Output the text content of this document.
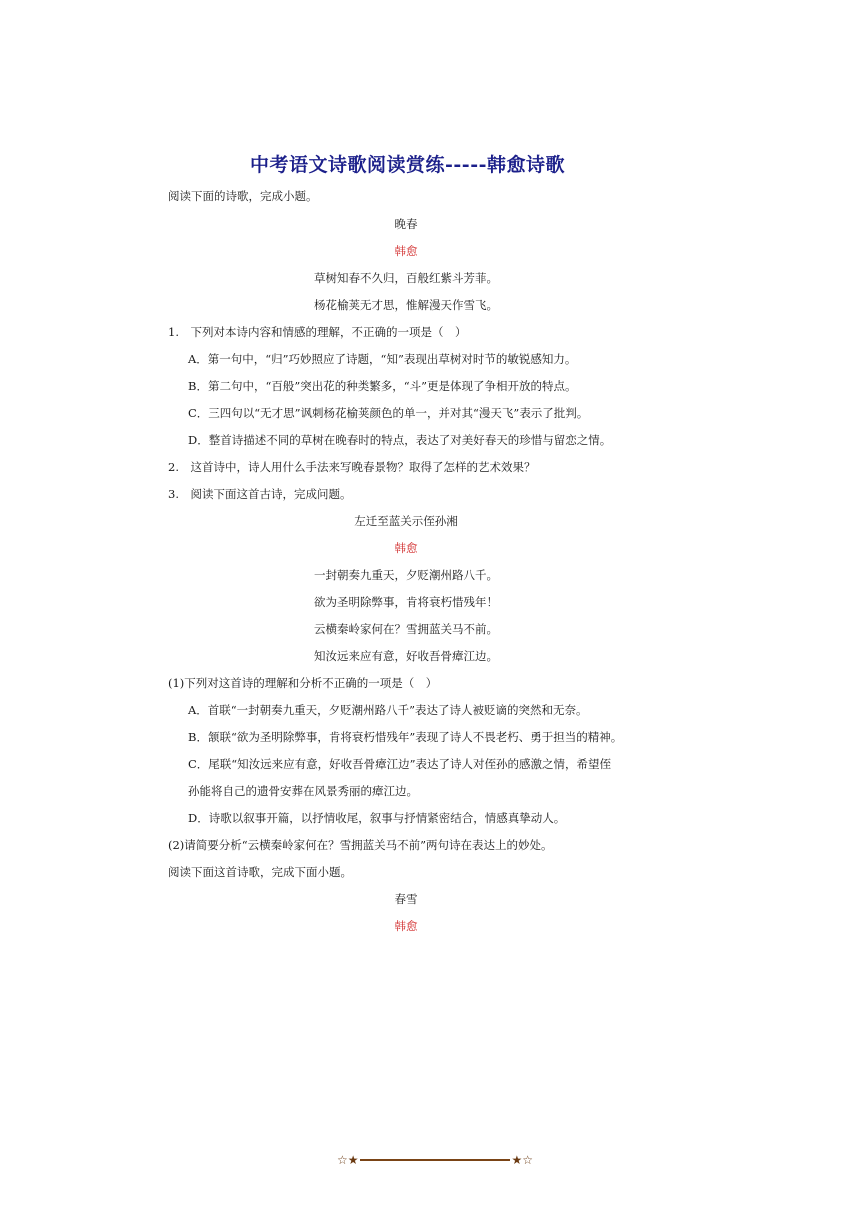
中考语文诗歌阅读赏练-----韩愈诗歌
阅读下面的诗歌，完成小题。
晚春
韩愈
草树知春不久归，百般红紫斗芳菲。
杨花榆荚无才思，惟解漫天作雪飞。
1.　下列对本诗内容和情感的理解，不正确的一项是（　）
A．第一句中，“归”巧妙照应了诗题，“知”表现出草树对时节的敏锐感知力。
B．第二句中，“百般”突出花的种类繁多，“斗”更是体现了争相开放的特点。
C．三四句以“无才思”讽刺杨花榆荚颜色的单一，并对其“漫天飞”表示了批判。
D．整首诗描述不同的草树在晚春时的特点，表达了对美好春天的珍惜与留恋之情。
2.　这首诗中，诗人用什么手法来写晚春景物？取得了怎样的艺术效果？
3.　阅读下面这首古诗，完成问题。
左迁至蓝关示侄孙湘
韩愈
一封朝奏九重天，夕贬潮州路八千。
欲为圣明除弊事，肯将衰朽惜残年！
云横秦岭家何在？雪拥蓝关马不前。
知汝远来应有意，好收吾骨瘴江边。
(1)下列对这首诗的理解和分析不正确的一项是（　）
A．首联“一封朝奏九重天，夕贬潮州路八千”表达了诗人被贬谪的突然和无奈。
B．颔联“欲为圣明除弊事，肯将衰朽惜残年”表现了诗人不畏老朽、勇于担当的精神。
C．尾联“知汝远来应有意，好收吾骨瘴江边”表达了诗人对侄孙的感激之情，希望侄
孙能将自己的遗骨安葬在风景秀丽的瘴江边。
D．诗歌以叙事开篇，以抒情收尾，叙事与抒情紧密结合，情感真挚动人。
(2)请简要分析“云横秦岭家何在？雪拥蓝关马不前”两句诗在表达上的妙处。
阅读下面这首诗歌，完成下面小题。
春雪
韩愈
☆★	★☆
